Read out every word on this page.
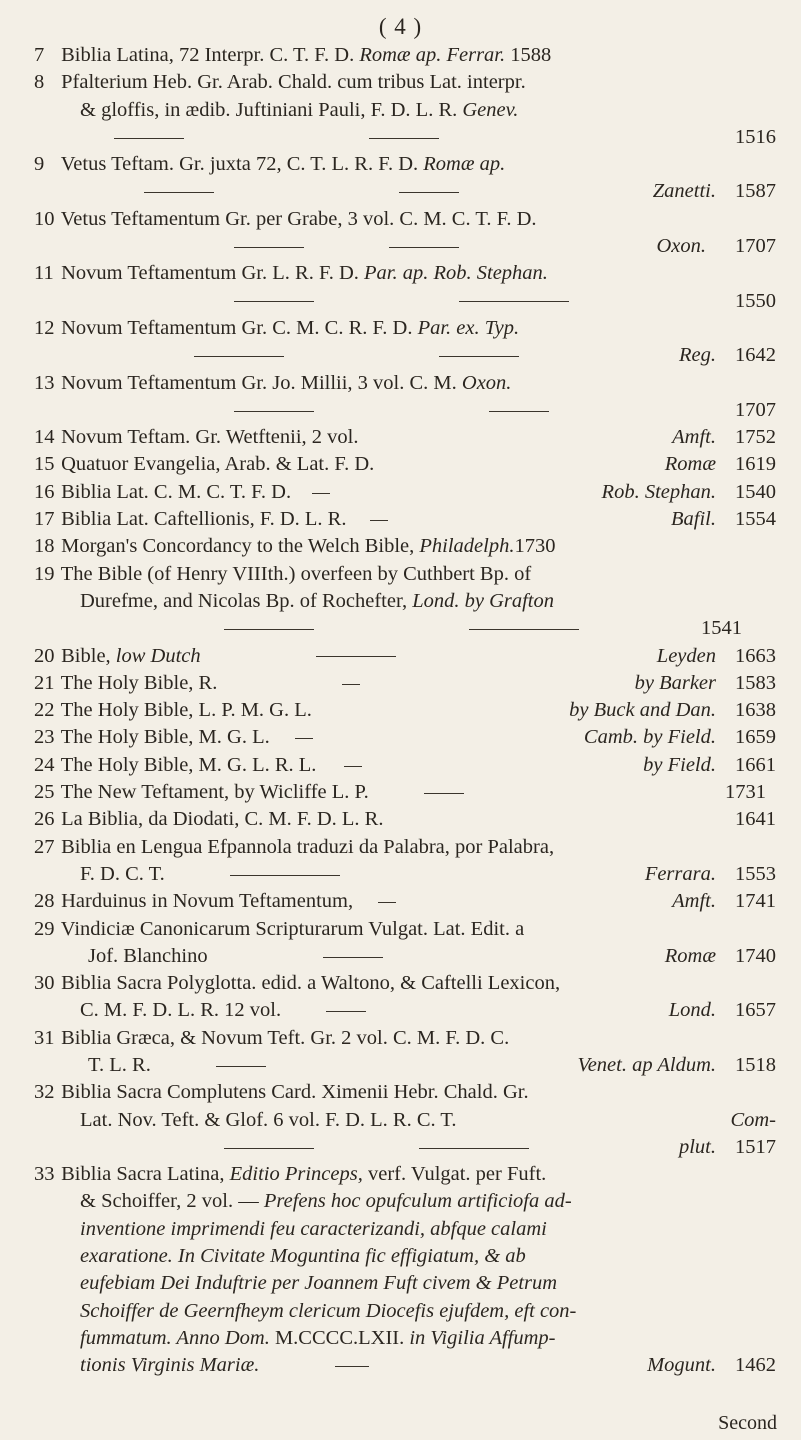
( 4 )
7 Biblia Latina, 72 Interpr. C. T. F. D. Romæ ap. Ferrar. 1588
8 Pfalterium Heb. Gr. Arab. Chald. cum tribus Lat. interpr.
& gloffis, in ædib. Juftiniani Pauli, F. D. L. R. Genev.

1516
9 Vetus Teftam. Gr. juxta 72, C. T. L. R. F. D. Romæ ap.

Zanetti. 1587
10 Vetus Teftamentum Gr. per Grabe, 3 vol. C. M. C. T. F. D.

Oxon. 1707
11 Novum Teftamentum Gr. L. R. F. D. Par. ap. Rob. Stephan.

1550
12 Novum Teftamentum Gr. C. M. C. R. F. D. Par. ex. Typ.

Reg. 1642
13 Novum Teftamentum Gr. Jo. Millii, 3 vol. C. M. Oxon.

1707
14 Novum Teftam. Gr. Wetftenii, 2 vol.	Amft. 1752
15 Quatuor Evangelia, Arab. & Lat. F. D.	Romæ 1619
16 Biblia Lat. C. M. C. T. F. D.	Rob. Stephan. 1540
17 Biblia Lat. Caftellionis, F. D. L. R.	Bafil. 1554
18 Morgan's Concordancy to the Welch Bible, Philadelph.1730
19 The Bible (of Henry VIIIth.) overfeen by Cuthbert Bp. of
Durefme, and Nicolas Bp. of Rochefter, Lond. by Grafton

1541
20 Bible, low Dutch	Leyden 1663
21 The Holy Bible, R.	by Barker 1583
22 The Holy Bible, L. P. M. G. L.	by Buck and Dan. 1638
23 The Holy Bible, M. G. L.	Camb. by Field. 1659
24 The Holy Bible, M. G. L. R. L.	by Field. 1661
25 The New Teftament, by Wicliffe L. P.	1731
26 La Biblia, da Diodati, C. M. F. D. L. R.	1641
27 Biblia en Lengua Efpannola traduzi da Palabra, por Palabra,
F. D. C. T.	Ferrara. 1553
28 Harduinus in Novum Teftamentum,	Amft. 1741
29 Vindiciæ Canonicarum Scripturarum Vulgat. Lat. Edit. a
Jof. Blanchino	Romæ 1740
30 Biblia Sacra Polyglotta. edid. a Waltono, & Caftelli Lexicon,
C. M. F. D. L. R. 12 vol.	Lond. 1657
31 Biblia Græca, & Novum Teft. Gr. 2 vol. C. M. F. D. C.
T. L. R.	Venet. ap Aldum. 1518
32 Biblia Sacra Complutens Card. Ximenii Hebr. Chald. Gr.
Lat. Nov. Teft. & Glof. 6 vol. F. D. L. R. C. T.	Com-

plut. 1517
33 Biblia Sacra Latina, Editio Princeps, verf. Vulgat. per Fuft.
& Schoiffer, 2 vol. — Prefens hoc opufculum artificiofa ad-
inventione imprimendi feu caracterizandi, abfque calami
exaratione. In Civitate Moguntina fic effigiatum, & ab
eufebiam Dei Induftrie per Joannem Fuft civem & Petrum
Schoiffer de Geernfheym clericum Diocefis ejufdem, eft con-
fummatum. Anno Dom. M.CCCC.LXII. in Vigilia Affump-
tionis Virginis Mariæ.	Mogunt. 1462
Second
